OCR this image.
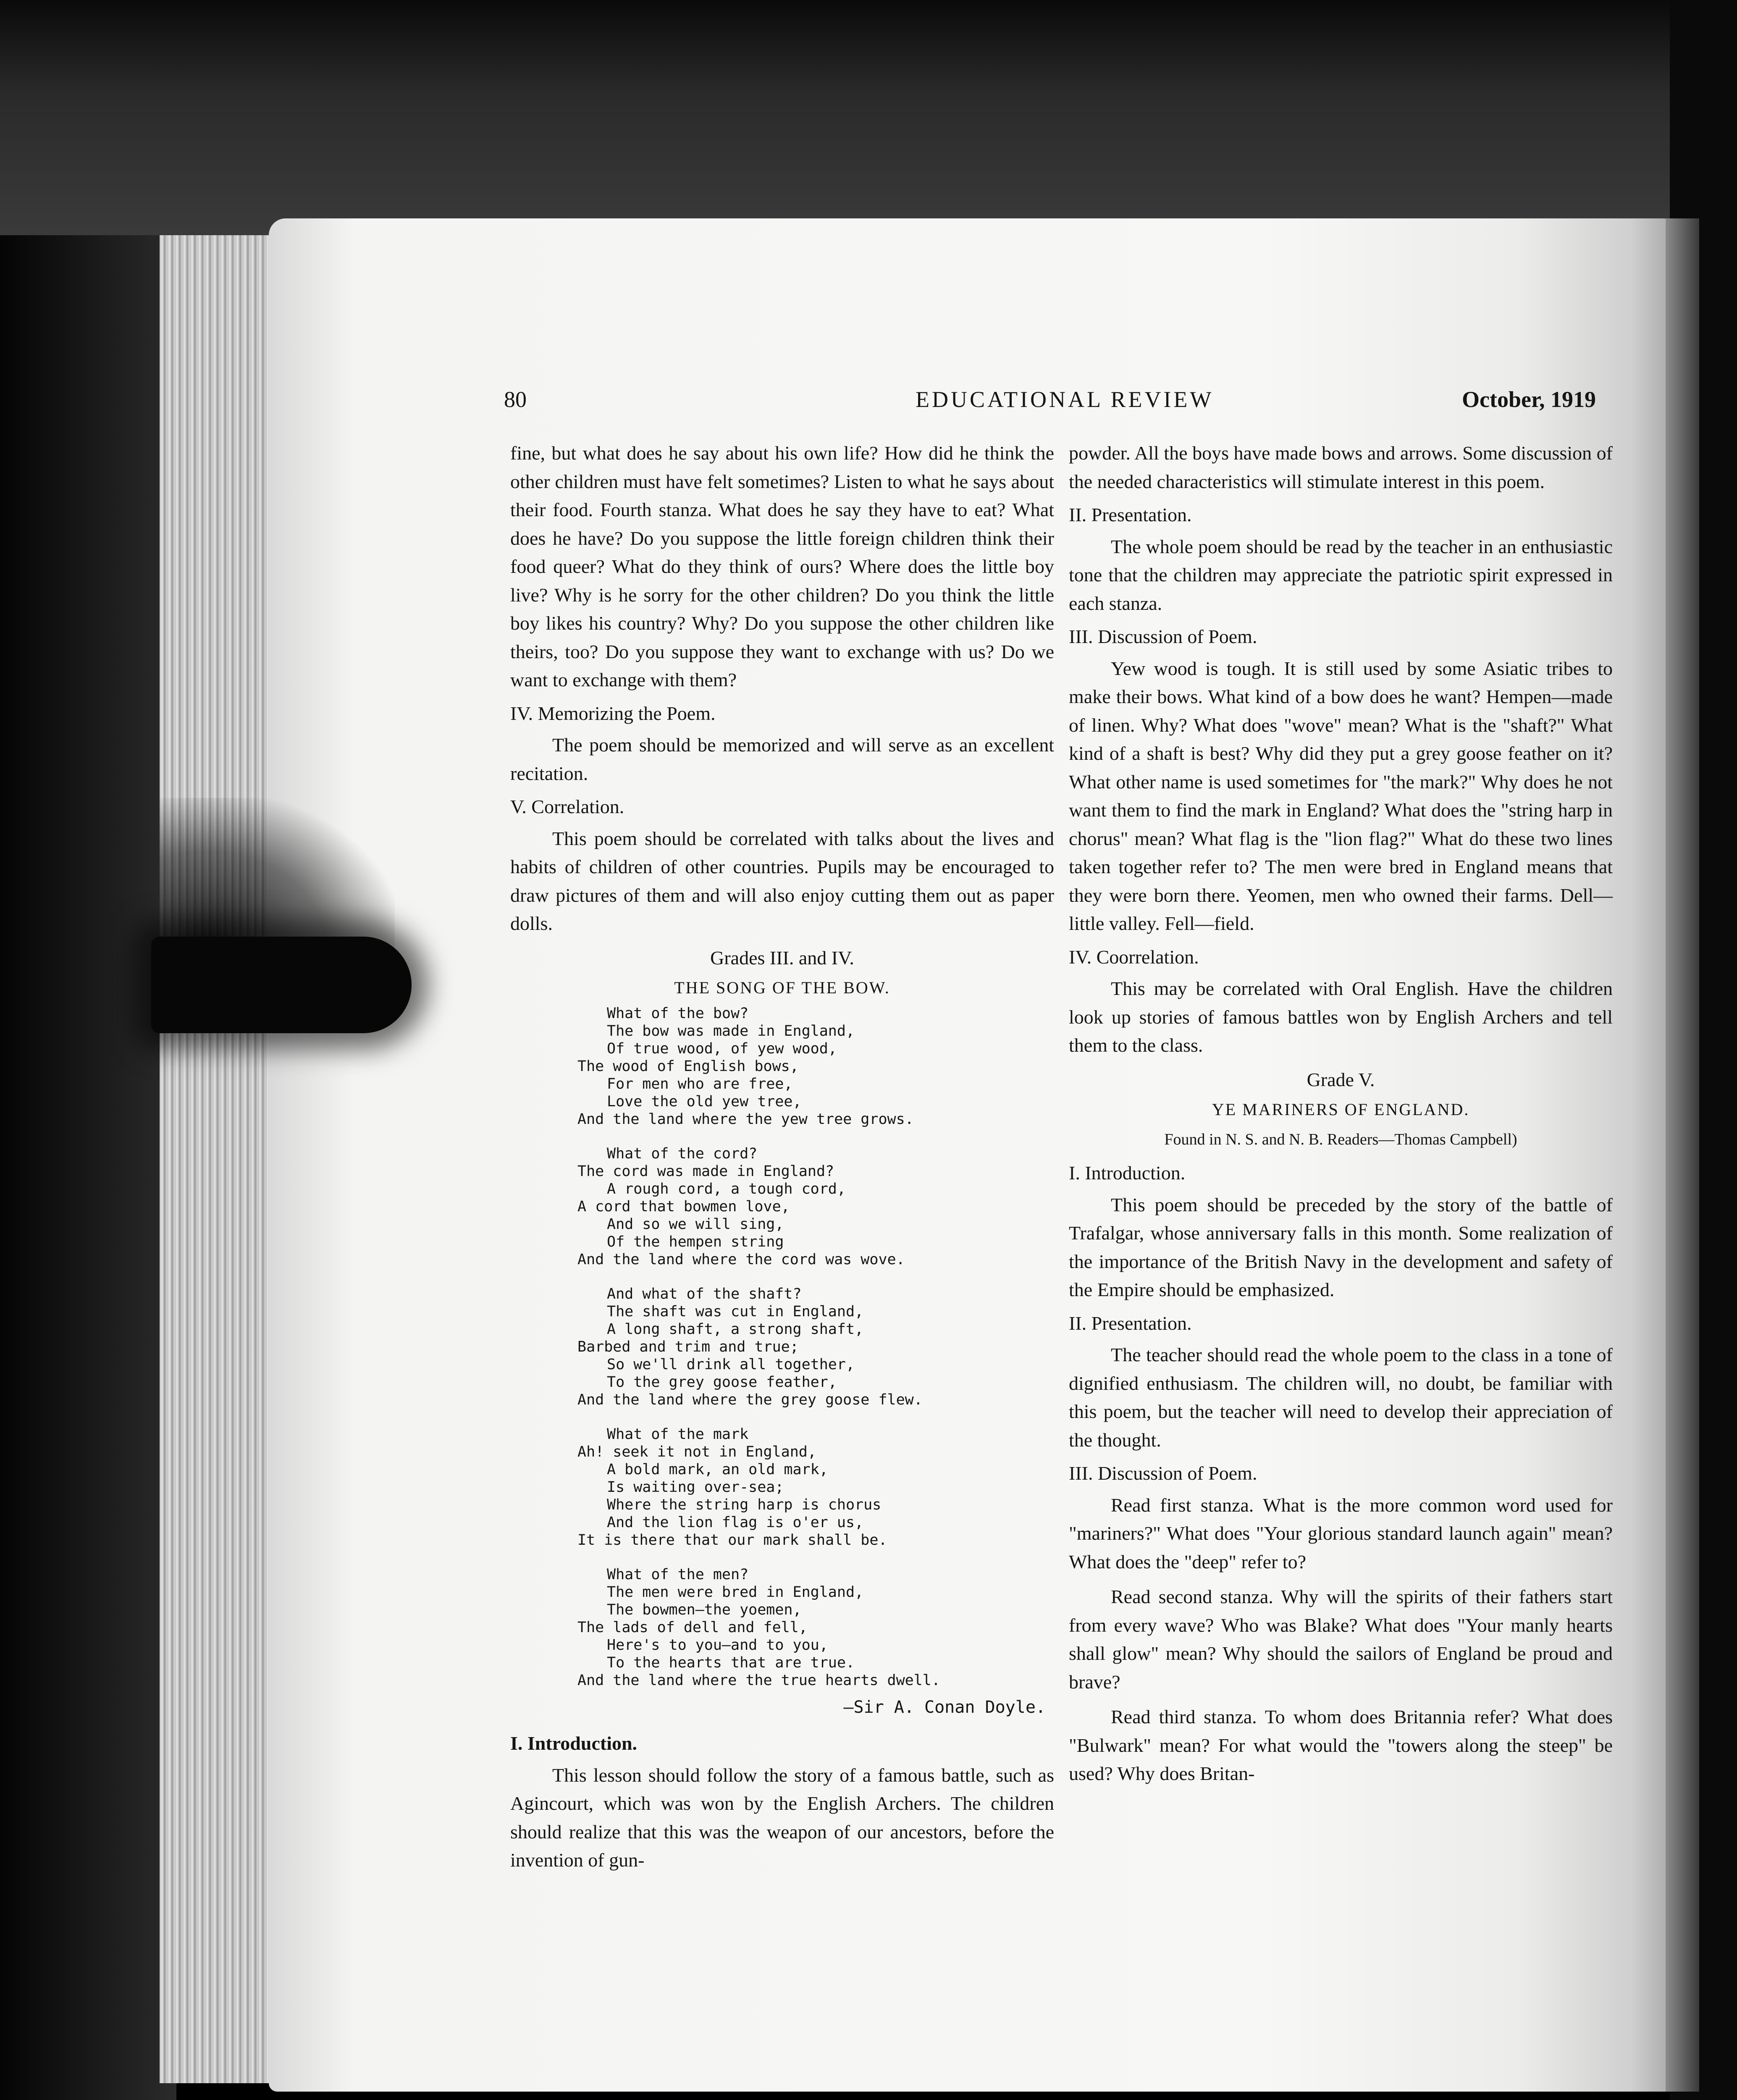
80	EDUCATIONAL REVIEW	October, 1919

fine, but what does he say about his own life? How did he think the other children must have felt sometimes? Listen to what he says about their food. Fourth stanza. What does he say they have to eat? What does he have? Do you suppose the little foreign children think their food queer? What do they think of ours? Where does the little boy live? Why is he sorry for the other children? Do you think the little boy likes his country? Why? Do you suppose the other children like theirs, too? Do you suppose they want to exchange with us? Do we want to exchange with them?

IV. Memorizing the Poem.

The poem should be memorized and will serve as an excellent recitation.

V. Correlation.

This poem should be correlated with talks about the lives and habits of children of other countries. Pupils may be encouraged to draw pictures of them and will also enjoy cutting them out as paper dolls.

Grades III. and IV.

THE SONG OF THE BOW.

What of the bow?
The bow was made in England,
Of true wood, of yew wood,
The wood of English bows,
For men who are free,
Love the old yew tree,
And the land where the yew tree grows.
What of the cord?
The cord was made in England?
A rough cord, a tough cord,
A cord that bowmen love,
And so we will sing,
Of the hempen string
And the land where the cord was wove.
And what of the shaft?
The shaft was cut in England,
A long shaft, a strong shaft,
Barbed and trim and true;
So we'll drink all together,
To the grey goose feather,
And the land where the grey goose flew.
What of the mark
Ah! seek it not in England,
A bold mark, an old mark,
Is waiting over-sea;
Where the string harp is chorus
And the lion flag is o'er us,
It is there that our mark shall be.
What of the men?
The men were bred in England,
The bowmen—the yoemen,
The lads of dell and fell,
Here's to you—and to you,
To the hearts that are true.
And the land where the true hearts dwell.

—Sir A. Conan Doyle.

I. Introduction.

This lesson should follow the story of a famous battle, such as Agincourt, which was won by the English Archers. The children should realize that this was the weapon of our ancestors, before the invention of gun-

powder. All the boys have made bows and arrows. Some discussion of the needed characteristics will stimulate interest in this poem.

II. Presentation.

The whole poem should be read by the teacher in an enthusiastic tone that the children may appreciate the patriotic spirit expressed in each stanza.

III. Discussion of Poem.

Yew wood is tough. It is still used by some Asiatic tribes to make their bows. What kind of a bow does he want? Hempen—made of linen. Why? What does "wove" mean? What is the "shaft?" What kind of a shaft is best? Why did they put a grey goose feather on it? What other name is used sometimes for "the mark?" Why does he not want them to find the mark in England? What does the "string harp in chorus" mean? What flag is the "lion flag?" What do these two lines taken together refer to? The men were bred in England means that they were born there. Yeomen, men who owned their farms. Dell—little valley. Fell—field.

IV. Coorrelation.

This may be correlated with Oral English. Have the children look up stories of famous battles won by English Archers and tell them to the class.

Grade V.

YE MARINERS OF ENGLAND.

Found in N. S. and N. B. Readers—Thomas Campbell)

I. Introduction.

This poem should be preceded by the story of the battle of Trafalgar, whose anniversary falls in this month. Some realization of the importance of the British Navy in the development and safety of the Empire should be emphasized.

II. Presentation.

The teacher should read the whole poem to the class in a tone of dignified enthusiasm. The children will, no doubt, be familiar with this poem, but the teacher will need to develop their appreciation of the thought.

III. Discussion of Poem.

Read first stanza. What is the more common word used for "mariners?" What does "Your glorious standard launch again" mean? What does the "deep" refer to?

Read second stanza. Why will the spirits of their fathers start from every wave? Who was Blake? What does "Your manly hearts shall glow" mean? Why should the sailors of England be proud and brave?

Read third stanza. To whom does Britannia refer? What does "Bulwark" mean? For what would the "towers along the steep" be used? Why does Britan-
